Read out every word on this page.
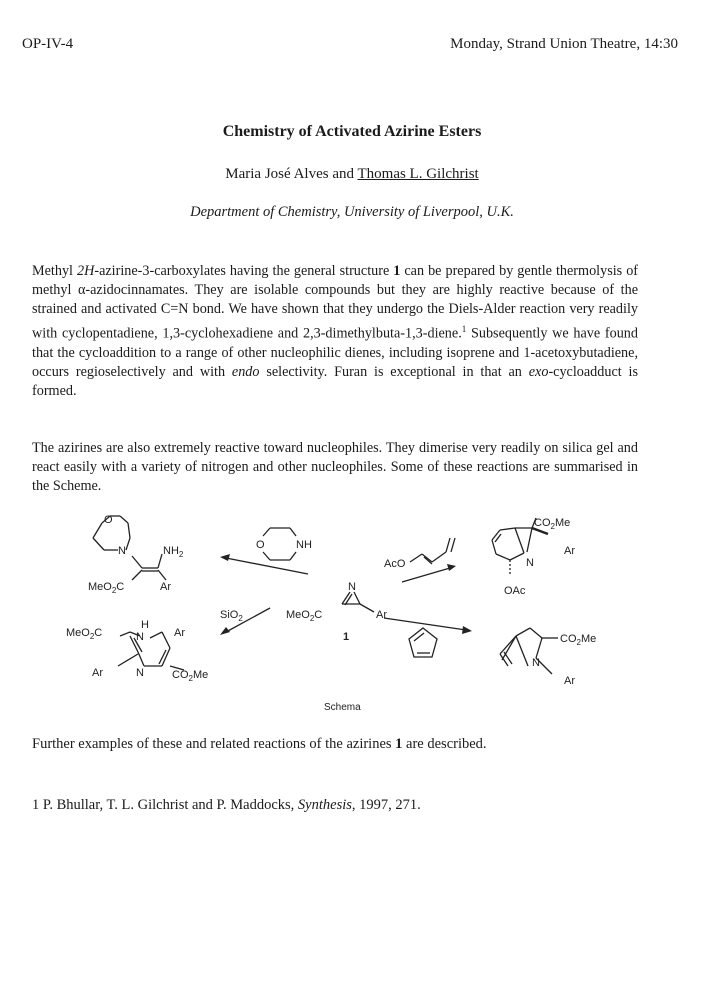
OP-IV-4	Monday, Strand Union Theatre, 14:30
Chemistry of Activated Azirine Esters
Maria José Alves and Thomas L. Gilchrist
Department of Chemistry, University of Liverpool, U.K.

Methyl 2H-azirine-3-carboxylates having the general structure 1 can be prepared by gentle thermolysis of methyl α-azidocinnamates. They are isolable compounds but they are highly reactive because of the strained and activated C=N bond. We have shown that they undergo the Diels-Alder reaction very readily with cyclopentadiene, 1,3-cyclohexadiene and 2,3-dimethylbuta-1,3-diene.$^1$ Subsequently we have found that the cycloaddition to a range of other nucleophilic dienes, including isoprene and 1-acetoxybutadiene, occurs regioselectively and with endo selectivity. Furan is exceptional in that an exo-cycloadduct is formed.

The azirines are also extremely reactive toward nucleophiles. They dimerise very readily on silica gel and react easily with a variety of nitrogen and other nucleophiles. Some of these reactions are summarised in the Scheme.

O
N	$NH_2$
MeO$_2$C	Ar
O	NH
AcO
$CO_2Me$
Ar
N
OAc
N
MeO$_2$C	Ar
1
SiO$_2$
H
N	Ar
MeO$_2$C
Ar	N	$CO_2Me$
$CO_2Me$
N
Ar
Schema
Further examples of these and related reactions of the azirines 1 are described.
1 P. Bhullar, T. L. Gilchrist and P. Maddocks, Synthesis, 1997, 271.
